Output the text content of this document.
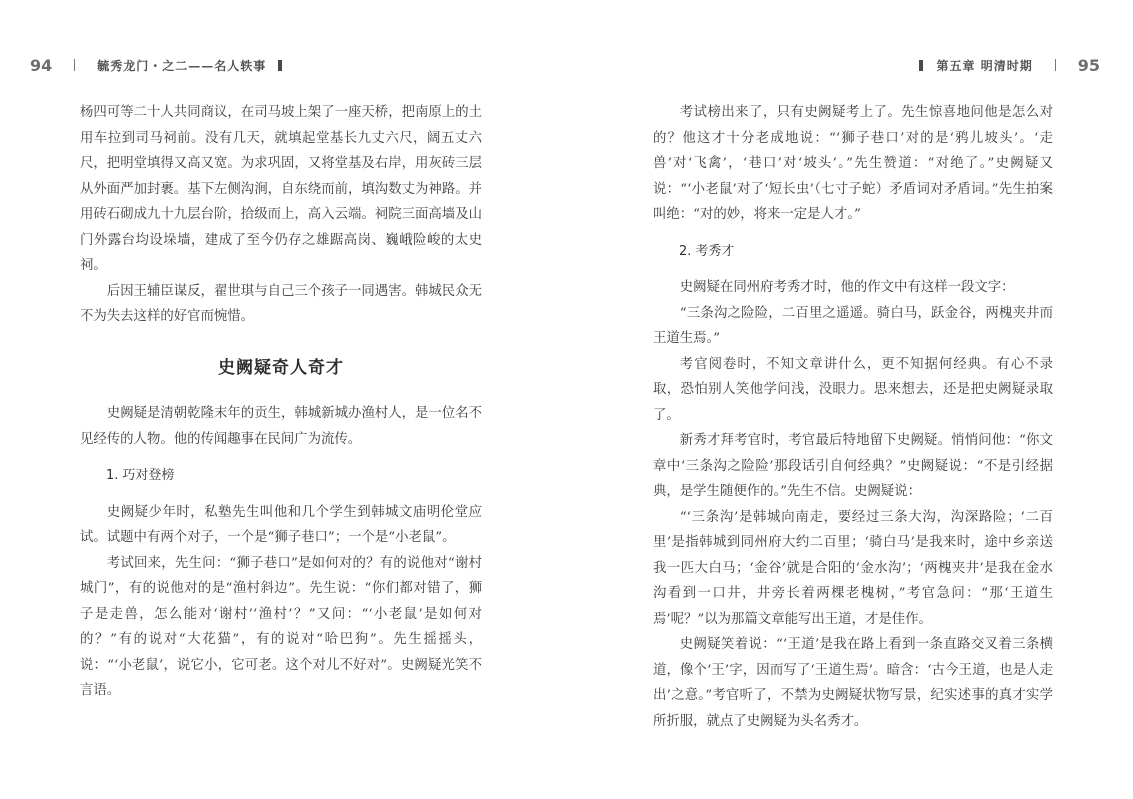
94	毓秀龙门・之二——名人轶事

杨四可等二十人共同商议，在司马坡上架了一座天桥，把南原上的土用车拉到司马祠前。没有几天，就填起堂基长九丈六尺，阔五丈六尺，把明堂填得又高又宽。为求巩固，又将堂基及右岸，用灰砖三层从外面严加封裹。基下左侧沟涧，自东绕而前，填沟数丈为神路。并用砖石砌成九十九层台阶，拾级而上，高入云端。祠院三面高墙及山门外露台均设垛墙，建成了至今仍存之雄踞高岗、巍峨险峻的太史祠。

后因王辅臣谋反，翟世琪与自己三个孩子一同遇害。韩城民众无不为失去这样的好官而惋惜。

史阙疑奇人奇才

史阙疑是清朝乾隆末年的贡生，韩城新城办渔村人，是一位名不见经传的人物。他的传闻趣事在民间广为流传。

1. 巧对登榜

史阙疑少年时，私塾先生叫他和几个学生到韩城文庙明伦堂应试。试题中有两个对子，一个是“狮子巷口”；一个是“小老鼠”。

考试回来，先生问：“狮子巷口”是如何对的？有的说他对“谢村城门”，有的说他对的是“渔村斜边”。先生说：“你们都对错了，狮子是走兽，怎么能对‘谢村’‘渔村’？”又问：“‘小老鼠’是如何对的？”有的说对“大花猫”，有的说对“哈巴狗”。先生摇摇头，说：“‘小老鼠’，说它小，它可老。这个对儿不好对”。史阙疑光笑不言语。

第五章 明清时期	95

考试榜出来了，只有史阙疑考上了。先生惊喜地问他是怎么对的？他这才十分老成地说：“‘狮子巷口’对的是‘鸦儿坡头’。‘走兽’对‘飞禽’，‘巷口’对‘坡头’。”先生赞道：“对绝了。”史阙疑又说：“‘小老鼠’对了‘短长虫’（七寸子蛇）矛盾词对矛盾词。”先生拍案叫绝：“对的妙，将来一定是人才。”

2. 考秀才

史阙疑在同州府考秀才时，他的作文中有这样一段文字：

“三条沟之险险，二百里之遥遥。骑白马，跃金谷，两槐夹井而王道生焉。”

考官阅卷时，不知文章讲什么，更不知据何经典。有心不录取，恐怕别人笑他学问浅，没眼力。思来想去，还是把史阙疑录取了。

新秀才拜考官时，考官最后特地留下史阙疑。悄悄问他：“你文章中‘三条沟之险险’那段话引自何经典？”史阙疑说：“不是引经据典，是学生随便作的。”先生不信。史阙疑说：

“‘三条沟’是韩城向南走，要经过三条大沟，沟深路险；‘二百里’是指韩城到同州府大约二百里；‘骑白马’是我来时，途中乡亲送我一匹大白马；‘金谷’就是合阳的‘金水沟’；‘两槐夹井’是我在金水沟看到一口井，井旁长着两棵老槐树，”考官急问：“那‘王道生焉’呢？”以为那篇文章能写出王道，才是佳作。

史阙疑笑着说：“‘王道’是我在路上看到一条直路交叉着三条横道，像个‘王’字，因而写了‘王道生焉’。暗含：‘古今王道，也是人走出’之意。”考官听了，不禁为史阙疑状物写景，纪实述事的真才实学所折服，就点了史阙疑为头名秀才。
